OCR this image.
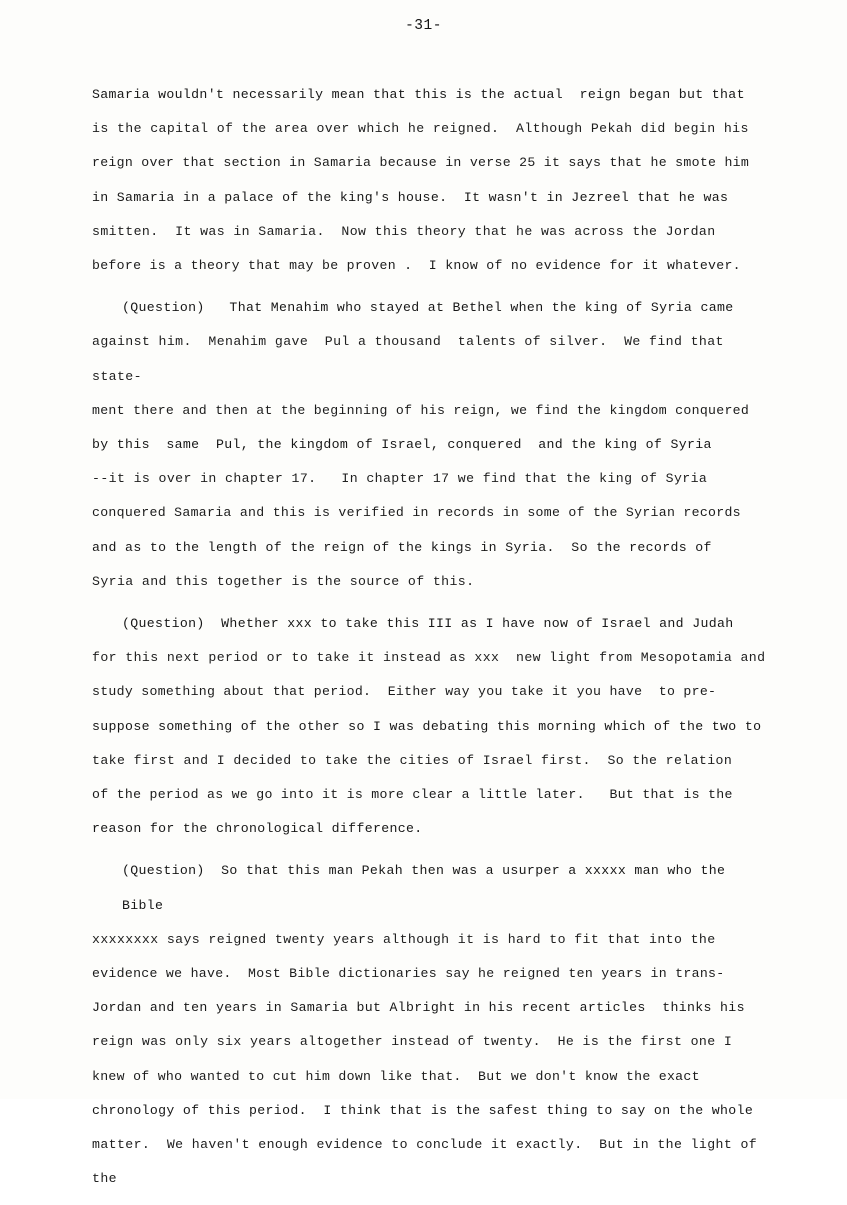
-31-
Samaria wouldn't necessarily mean that this is the actual  reign began but that
is the capital of the area over which he reigned.  Although Pekah did begin his
reign over that section in Samaria because in verse 25 it says that he smote him
in Samaria in a palace of the king's house.  It wasn't in Jezreel that he was
smitten.  It was in Samaria.  Now this theory that he was across the Jordan
before is a theory that may be proven .  I know of no evidence for it whatever.
(Question)   That Menahim who stayed at Bethel when the king of Syria came
against him.  Menahim gave  Pul a thousand  talents of silver.  We find that state-
ment there and then at the beginning of his reign, we find the kingdom conquered
by this  same  Pul, the kingdom of Israel, conquered  and the king of Syria
--it is over in chapter 17.   In chapter 17 we find that the king of Syria
conquered Samaria and this is verified in records in some of the Syrian records
and as to the length of the reign of the kings in Syria.  So the records of
Syria and this together is the source of this.
(Question)  Whether xxx to take this III as I have now of Israel and Judah
for this next period or to take it instead as xxx  new light from Mesopotamia and
study something about that period.  Either way you take it you have  to pre-
suppose something of the other so I was debating this morning which of the two to
take first and I decided to take the cities of Israel first.  So the relation
of the period as we go into it is more clear a little later.   But that is the
reason for the chronological difference.
(Question)  So that this man Pekah then was a usurper a xxxxx man who the Bible
xxxxxxxx says reigned twenty years although it is hard to fit that into the
evidence we have.  Most Bible dictionaries say he reigned ten years in trans-
Jordan and ten years in Samaria but Albright in his recent articles  thinks his
reign was only six years altogether instead of twenty.  He is the first one I
knew of who wanted to cut him down like that.  But we don't know the exact
chronology of this period.  I think that is the safest thing to say on the whole
matter.  We haven't enough evidence to conclude it exactly.  But in the light of the
